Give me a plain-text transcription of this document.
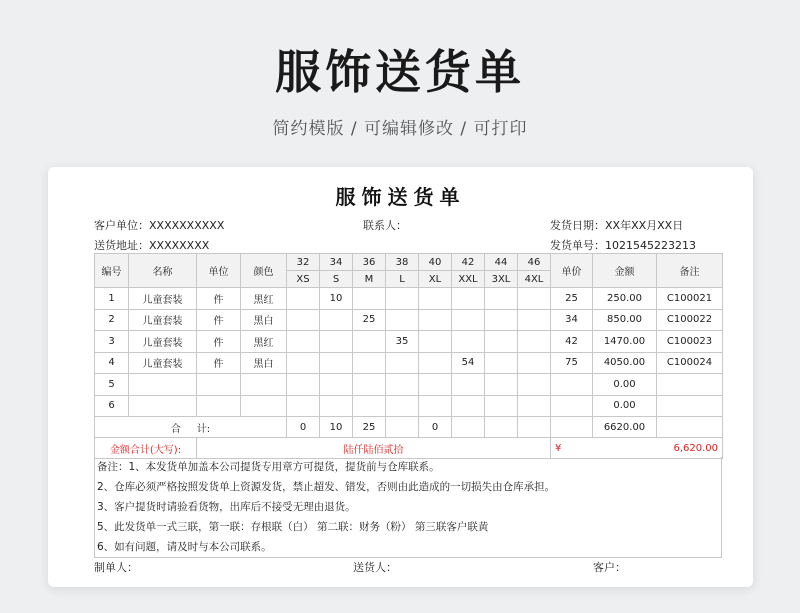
服饰送货单
简约模版 / 可编辑修改 / 可打印
服饰送货单
客户单位：XXXXXXXXXX	联系人：	发货日期：XX年XX月XX日
送货地址：XXXXXXXX	发货单号：1021545223213
编号	名称	单位	颜色	32	34	36	38	40	42	44	46	单价	金额	备注
				XS	S	M	L	XL	XXL	3XL	4XL			
1	儿童套装	件	黑红		10							25	250.00	C100021
2	儿童套装	件	黑白			25						34	850.00	C100022
3	儿童套装	件	黑红				35					42	1470.00	C100023
4	儿童套装	件	黑白						54			75	4050.00	C100024
5													0.00	
6													0.00	
合     计:				0	10	25		0					6620.00	
金额合计(大写):		陆仟陆佰贰拾										¥ 6,620.00		
备注：1、本发货单加盖本公司提货专用章方可提货，提货前与仓库联系。
2、仓库必须严格按照发货单上资源发货，禁止超发、错发，否则由此造成的一切损失由仓库承担。
3、客户提货时请验看货物，出库后不接受无理由退货。
5、此发货单一式三联，第一联：存根联（白） 第二联：财务（粉） 第三联客户联黄
6、如有问题，请及时与本公司联系。
制单人：	送货人：	客户：
